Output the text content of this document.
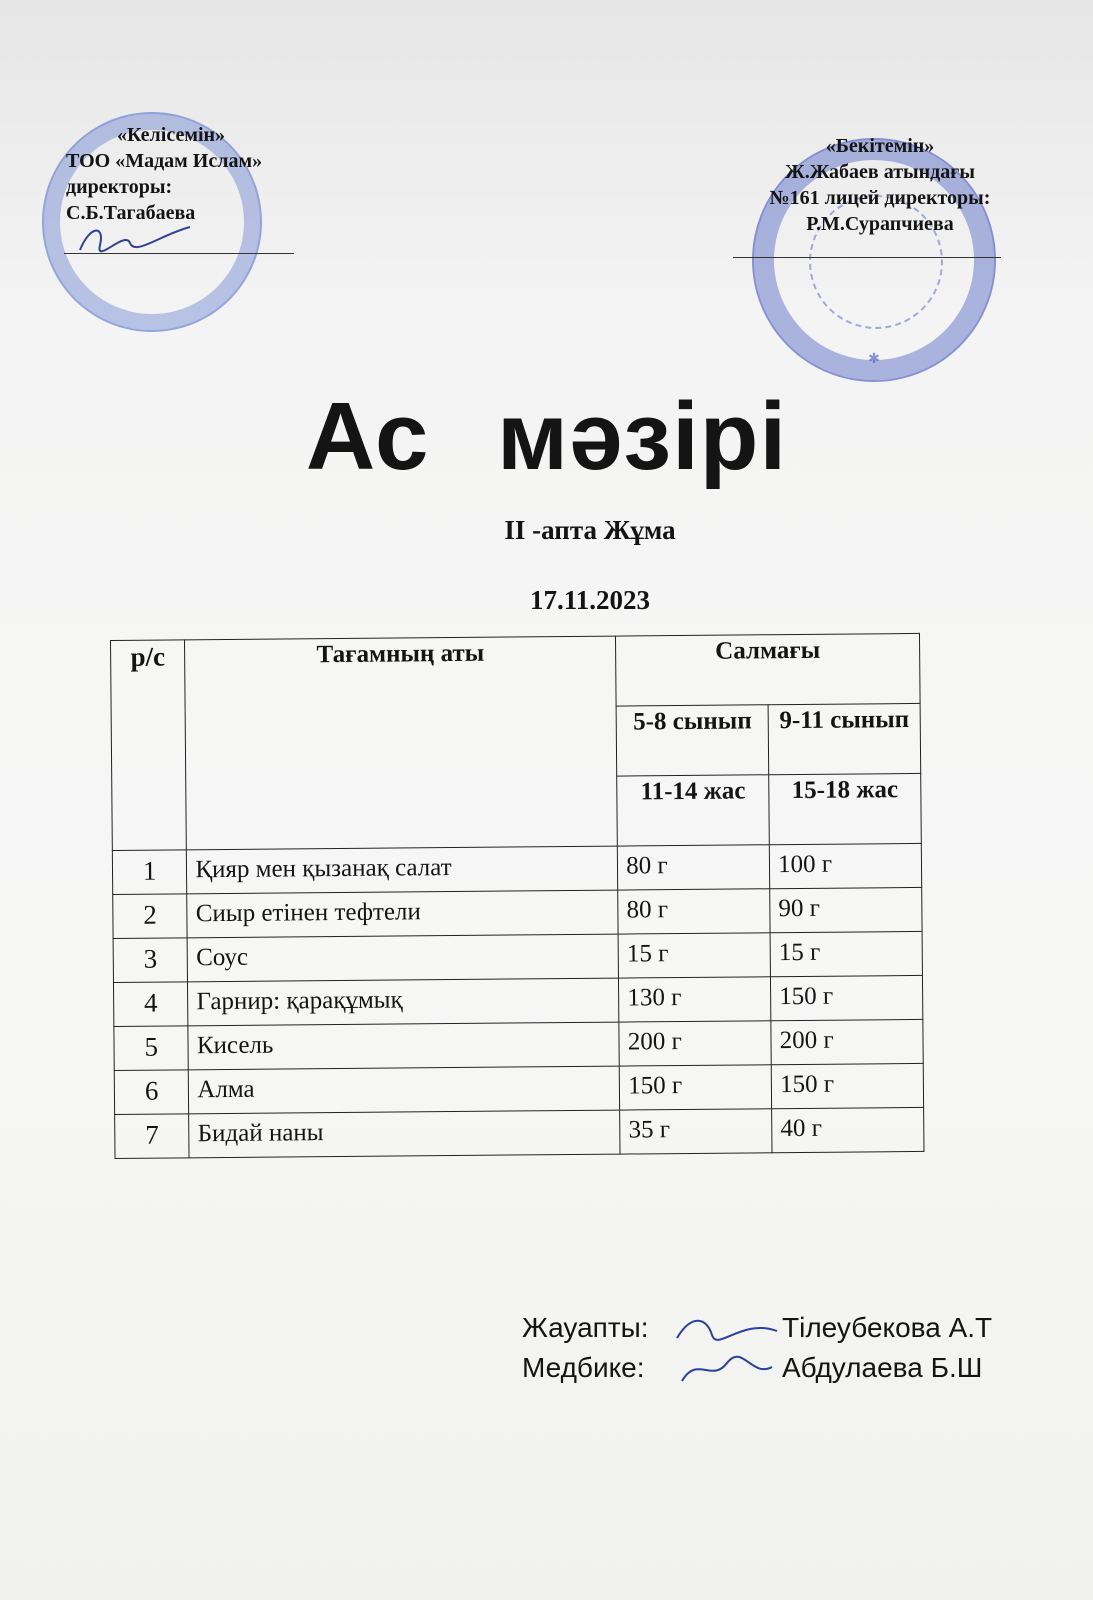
✱
«Келісемін»
ТОО «Мадам Ислам»
директоры:
С.Б.Тагабаева
«Бекітемін»
Ж.Жабаев атындағы
№161 лицей директоры:
Р.М.Сурапчиева
Ас мәзірі
II -апта Жұма
17.11.2023
р/с	Тағамның аты	Салмағы	
		5-8 сынып	9-11 сынып
		11-14 жас	15-18 жас
1	Қияр мен қызанақ салат	80 г	100 г
2	Сиыр етінен тефтели	80 г	90 г
3	Соус	15 г	15 г
4	Гарнир: қарақұмық	130 г	150 г
5	Кисель	200 г	200 г
6	Алма	150 г	150 г
7	Бидай наны	35 г	40 г
Жауапты:	Тілеубекова А.Т
Медбике:	Абдулаева Б.Ш
